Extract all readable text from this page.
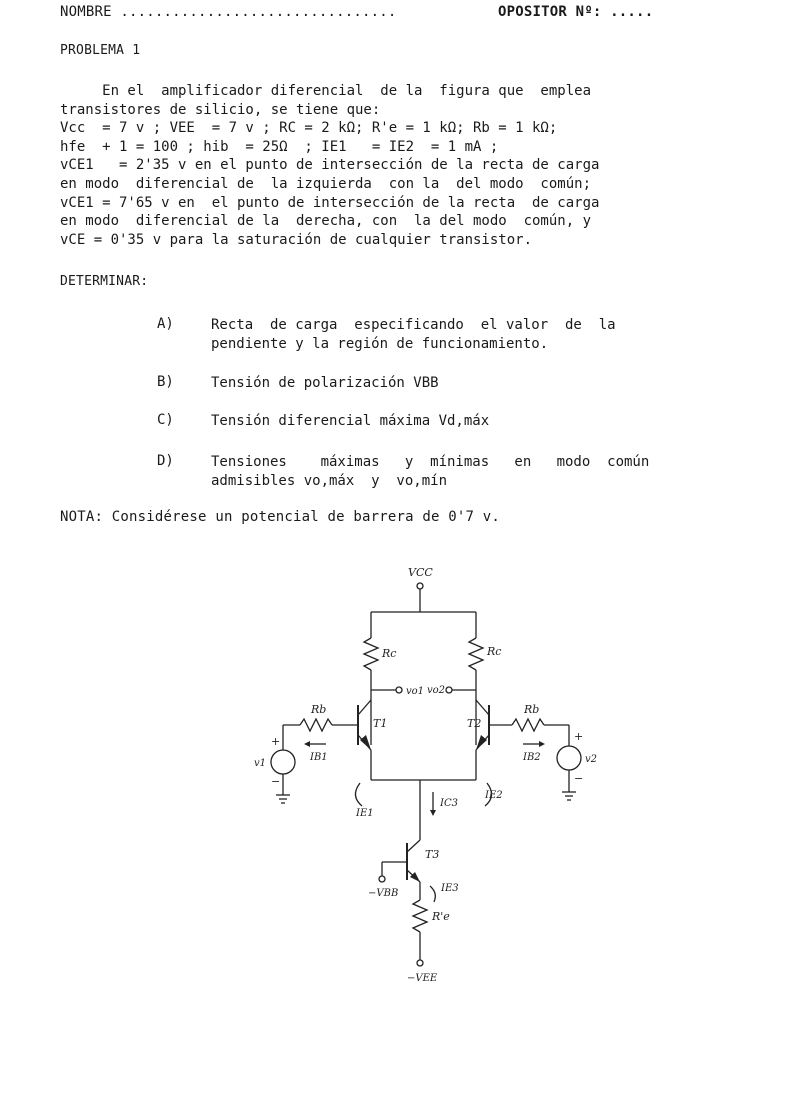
NOMBRE ................................	OPOSITOR Nº: .....
PROBLEMA 1
En el  amplificador diferencial  de la  figura que  emplea
transistores de silicio, se tiene que:
Vcc  = 7 v ; VEE  = 7 v ; RC = 2 kΩ; R'e = 1 kΩ; Rb = 1 kΩ;
hfe  + 1 = 100 ; hib  = 25Ω  ; IE1   = IE2  = 1 mA ;
vCE1   = 2'35 v en el punto de intersección de la recta de carga
en modo  diferencial de  la izquierda  con la  del modo  común;
vCE1 = 7'65 v en  el punto de intersección de la recta  de carga
en modo  diferencial de la  derecha, con  la del modo  común, y
vCE = 0'35 v para la saturación de cualquier transistor.
DETERMINAR:
A)	Recta  de carga  especificando  el valor  de  la
pendiente y la región de funcionamiento.
B)	Tensión de polarización VBB
C)	Tensión diferencial máxima Vd,máx
D)	Tensiones    máximas   y  mínimas   en   modo  común
admisibles vo,máx  y  vo,mín
NOTA: Considérese un potencial de barrera de 0'7 v.
VCC
Rc	Rc
vo1 vo2
Rb	Rb
T1	T2
T3
IB1	IB2
IE1
IE2
IC3
IE3
v1	v2
+
−
+
−
−VBB
R'e
−VEE
